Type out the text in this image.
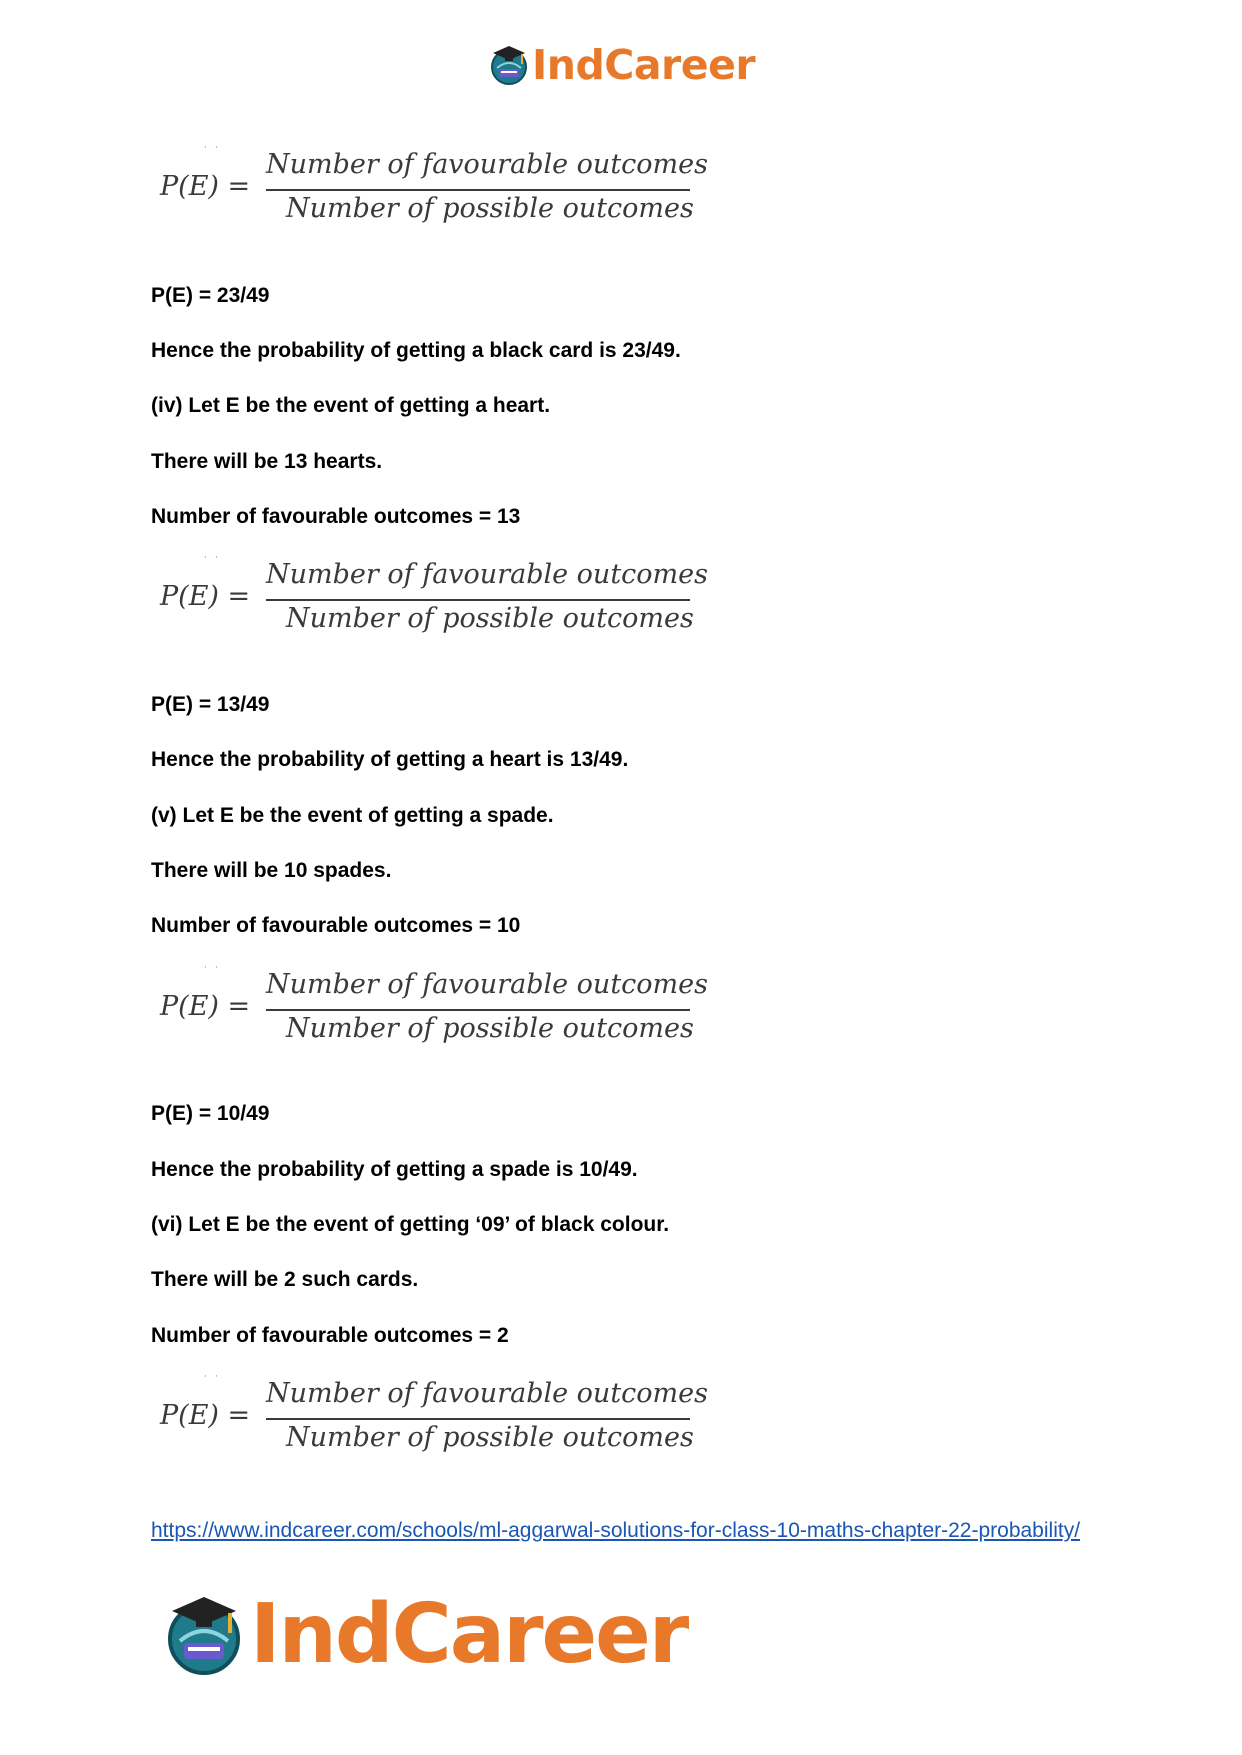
IndCareer
˙˙
P(E) =
Number of favourable outcomes
Number of possible outcomes
P(E) = 23/49
Hence the probability of getting a black card is 23/49.
(iv) Let E be the event of getting a heart.
There will be 13 hearts.
Number of favourable outcomes = 13
˙˙
P(E) =
Number of favourable outcomes
Number of possible outcomes
P(E) = 13/49
Hence the probability of getting a heart is 13/49.
(v) Let E be the event of getting a spade.
There will be 10 spades.
Number of favourable outcomes = 10
˙˙
P(E) =
Number of favourable outcomes
Number of possible outcomes
P(E) = 10/49
Hence the probability of getting a spade is 10/49.
(vi) Let E be the event of getting ‘09’ of black colour.
There will be 2 such cards.
Number of favourable outcomes = 2
˙˙
P(E) =
Number of favourable outcomes
Number of possible outcomes
https://www.indcareer.com/schools/ml-aggarwal-solutions-for-class-10-maths-chapter-22-probability/
IndCareer
